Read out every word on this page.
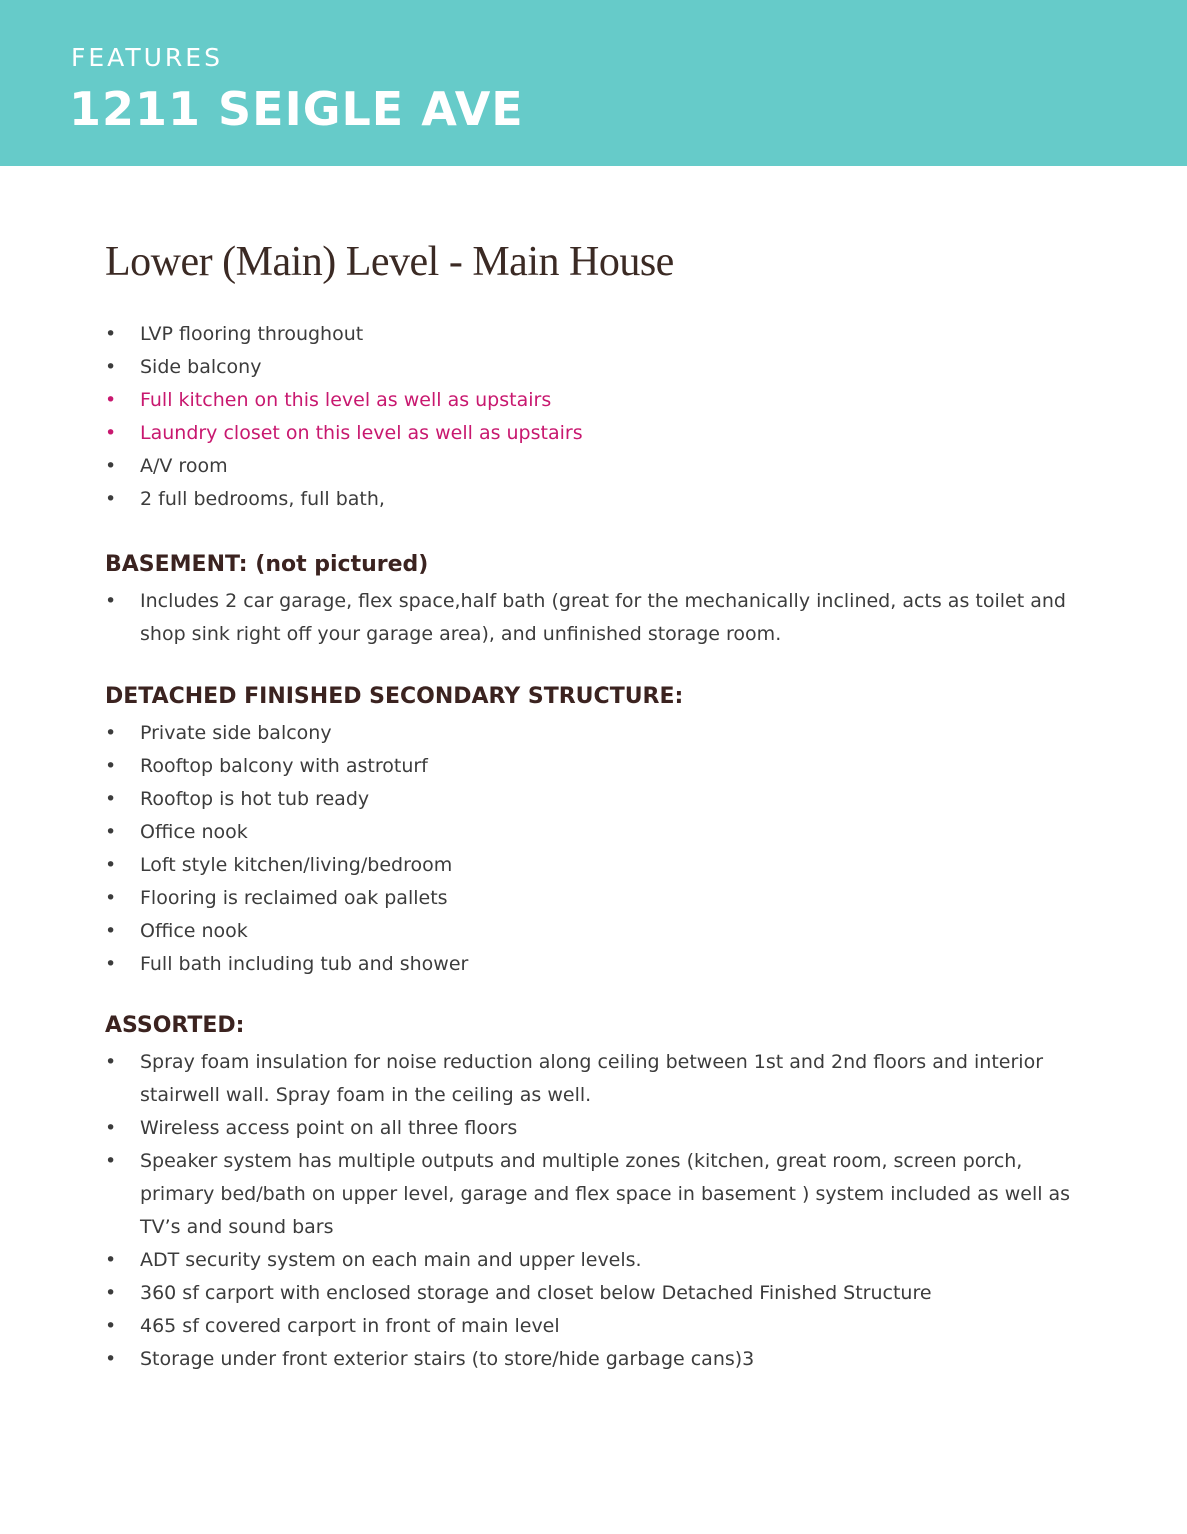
FEATURES
1211 SEIGLE AVE
Lower (Main) Level - Main House
• LVP flooring throughout
• Side balcony
• Full kitchen on this level as well as upstairs
• Laundry closet on this level as well as upstairs
• A/V room
• 2 full bedrooms, full bath,
BASEMENT: (not pictured)
• Includes 2 car garage, flex space,half bath (great for the mechanically inclined, acts as toilet and shop sink right off your garage area), and unfinished storage room.
DETACHED FINISHED SECONDARY STRUCTURE:
• Private side balcony
• Rooftop balcony with astroturf
• Rooftop is hot tub ready
• Office nook
• Loft style kitchen/living/bedroom
• Flooring is reclaimed oak pallets
• Office nook
• Full bath including tub and shower
ASSORTED:
• Spray foam insulation for noise reduction along ceiling between 1st and 2nd floors and interior stairwell wall. Spray foam in the ceiling as well.
• Wireless access point on all three floors
• Speaker system has multiple outputs and multiple zones (kitchen, great room, screen porch, primary bed/bath on upper level, garage and flex space in basement ) system included as well as TV’s and sound bars
• ADT security system on each main and upper levels.
• 360 sf carport with enclosed storage and closet below Detached Finished Structure
• 465 sf covered carport in front of main level
• Storage under front exterior stairs (to store/hide garbage cans)3
